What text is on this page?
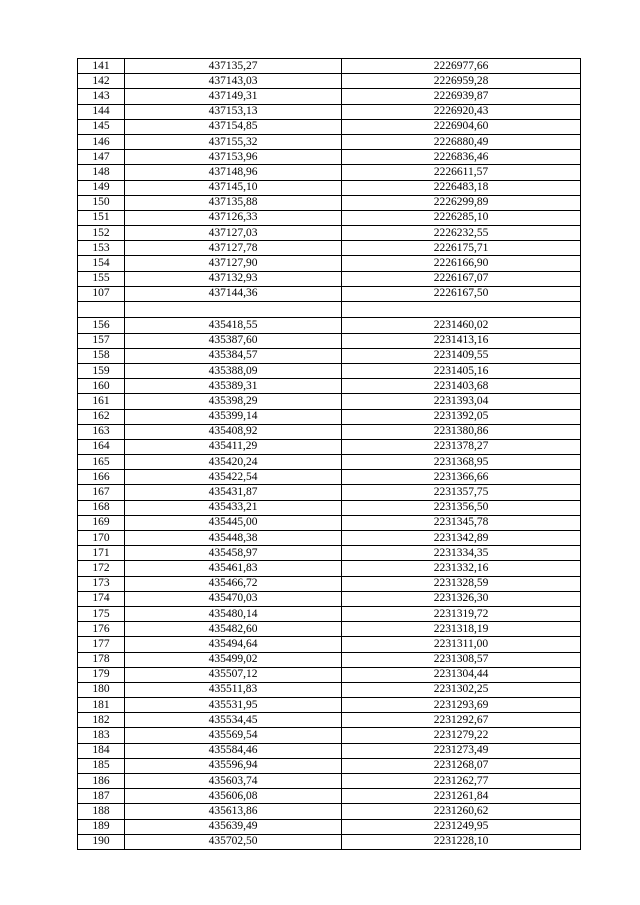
141	437135,27	2226977,66
142	437143,03	2226959,28
143	437149,31	2226939,87
144	437153,13	2226920,43
145	437154,85	2226904,60
146	437155,32	2226880,49
147	437153,96	2226836,46
148	437148,96	2226611,57
149	437145,10	2226483,18
150	437135,88	2226299,89
151	437126,33	2226285,10
152	437127,03	2226232,55
153	437127,78	2226175,71
154	437127,90	2226166,90
155	437132,93	2226167,07
107	437144,36	2226167,50

156	435418,55	2231460,02
157	435387,60	2231413,16
158	435384,57	2231409,55
159	435388,09	2231405,16
160	435389,31	2231403,68
161	435398,29	2231393,04
162	435399,14	2231392,05
163	435408,92	2231380,86
164	435411,29	2231378,27
165	435420,24	2231368,95
166	435422,54	2231366,66
167	435431,87	2231357,75
168	435433,21	2231356,50
169	435445,00	2231345,78
170	435448,38	2231342,89
171	435458,97	2231334,35
172	435461,83	2231332,16
173	435466,72	2231328,59
174	435470,03	2231326,30
175	435480,14	2231319,72
176	435482,60	2231318,19
177	435494,64	2231311,00
178	435499,02	2231308,57
179	435507,12	2231304,44
180	435511,83	2231302,25
181	435531,95	2231293,69
182	435534,45	2231292,67
183	435569,54	2231279,22
184	435584,46	2231273,49
185	435596,94	2231268,07
186	435603,74	2231262,77
187	435606,08	2231261,84
188	435613,86	2231260,62
189	435639,49	2231249,95
190	435702,50	2231228,10
